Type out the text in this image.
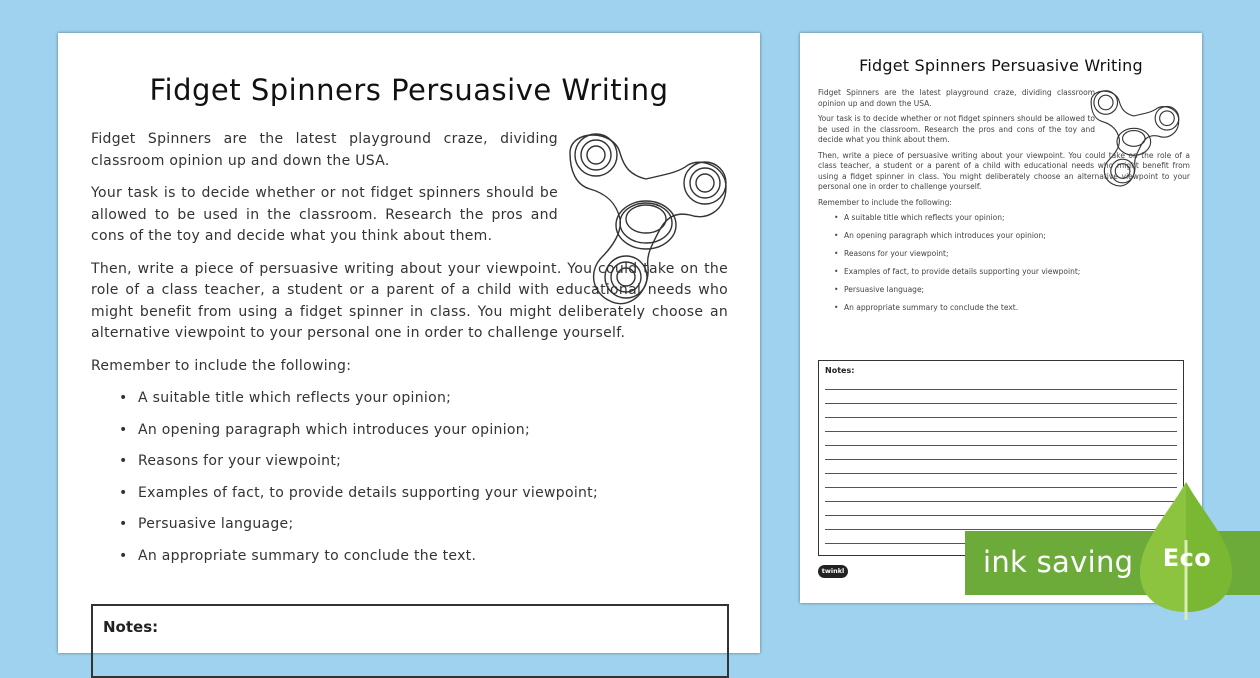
Fidget Spinners Persuasive Writing

Fidget Spinners are the latest playground craze, dividing classroom opinion up and down the USA.

Your task is to decide whether or not fidget spinners should be allowed to be used in the classroom. Research the pros and cons of the toy and decide what you think about them.

Then, write a piece of persuasive writing about your viewpoint. You could take on the role of a class teacher, a student or a parent of a child with educational needs who might benefit from using a fidget spinner in class. You might deliberately choose an alternative viewpoint to your personal one in order to challenge yourself.

Remember to include the following:

• A suitable title which reflects your opinion;
• An opening paragraph which introduces your opinion;
• Reasons for your viewpoint;
• Examples of fact, to provide details supporting your viewpoint;
• Persuasive language;
• An appropriate summary to conclude the text.
Notes:
Fidget Spinners Persuasive Writing

Fidget Spinners are the latest playground craze, dividing classroom opinion up and down the USA.

Your task is to decide whether or not fidget spinners should be allowed to be used in the classroom. Research the pros and cons of the toy and decide what you think about them.

Then, write a piece of persuasive writing about your viewpoint. You could take on the role of a class teacher, a student or a parent of a child with educational needs who might benefit from using a fidget spinner in class. You might deliberately choose an alternative viewpoint to your personal one in order to challenge yourself.

Remember to include the following:

• A suitable title which reflects your opinion;
• An opening paragraph which introduces your opinion;
• Reasons for your viewpoint;
• Examples of fact, to provide details supporting your viewpoint;
• Persuasive language;
• An appropriate summary to conclude the text.
Notes:
twinkl	ink saving Eco
